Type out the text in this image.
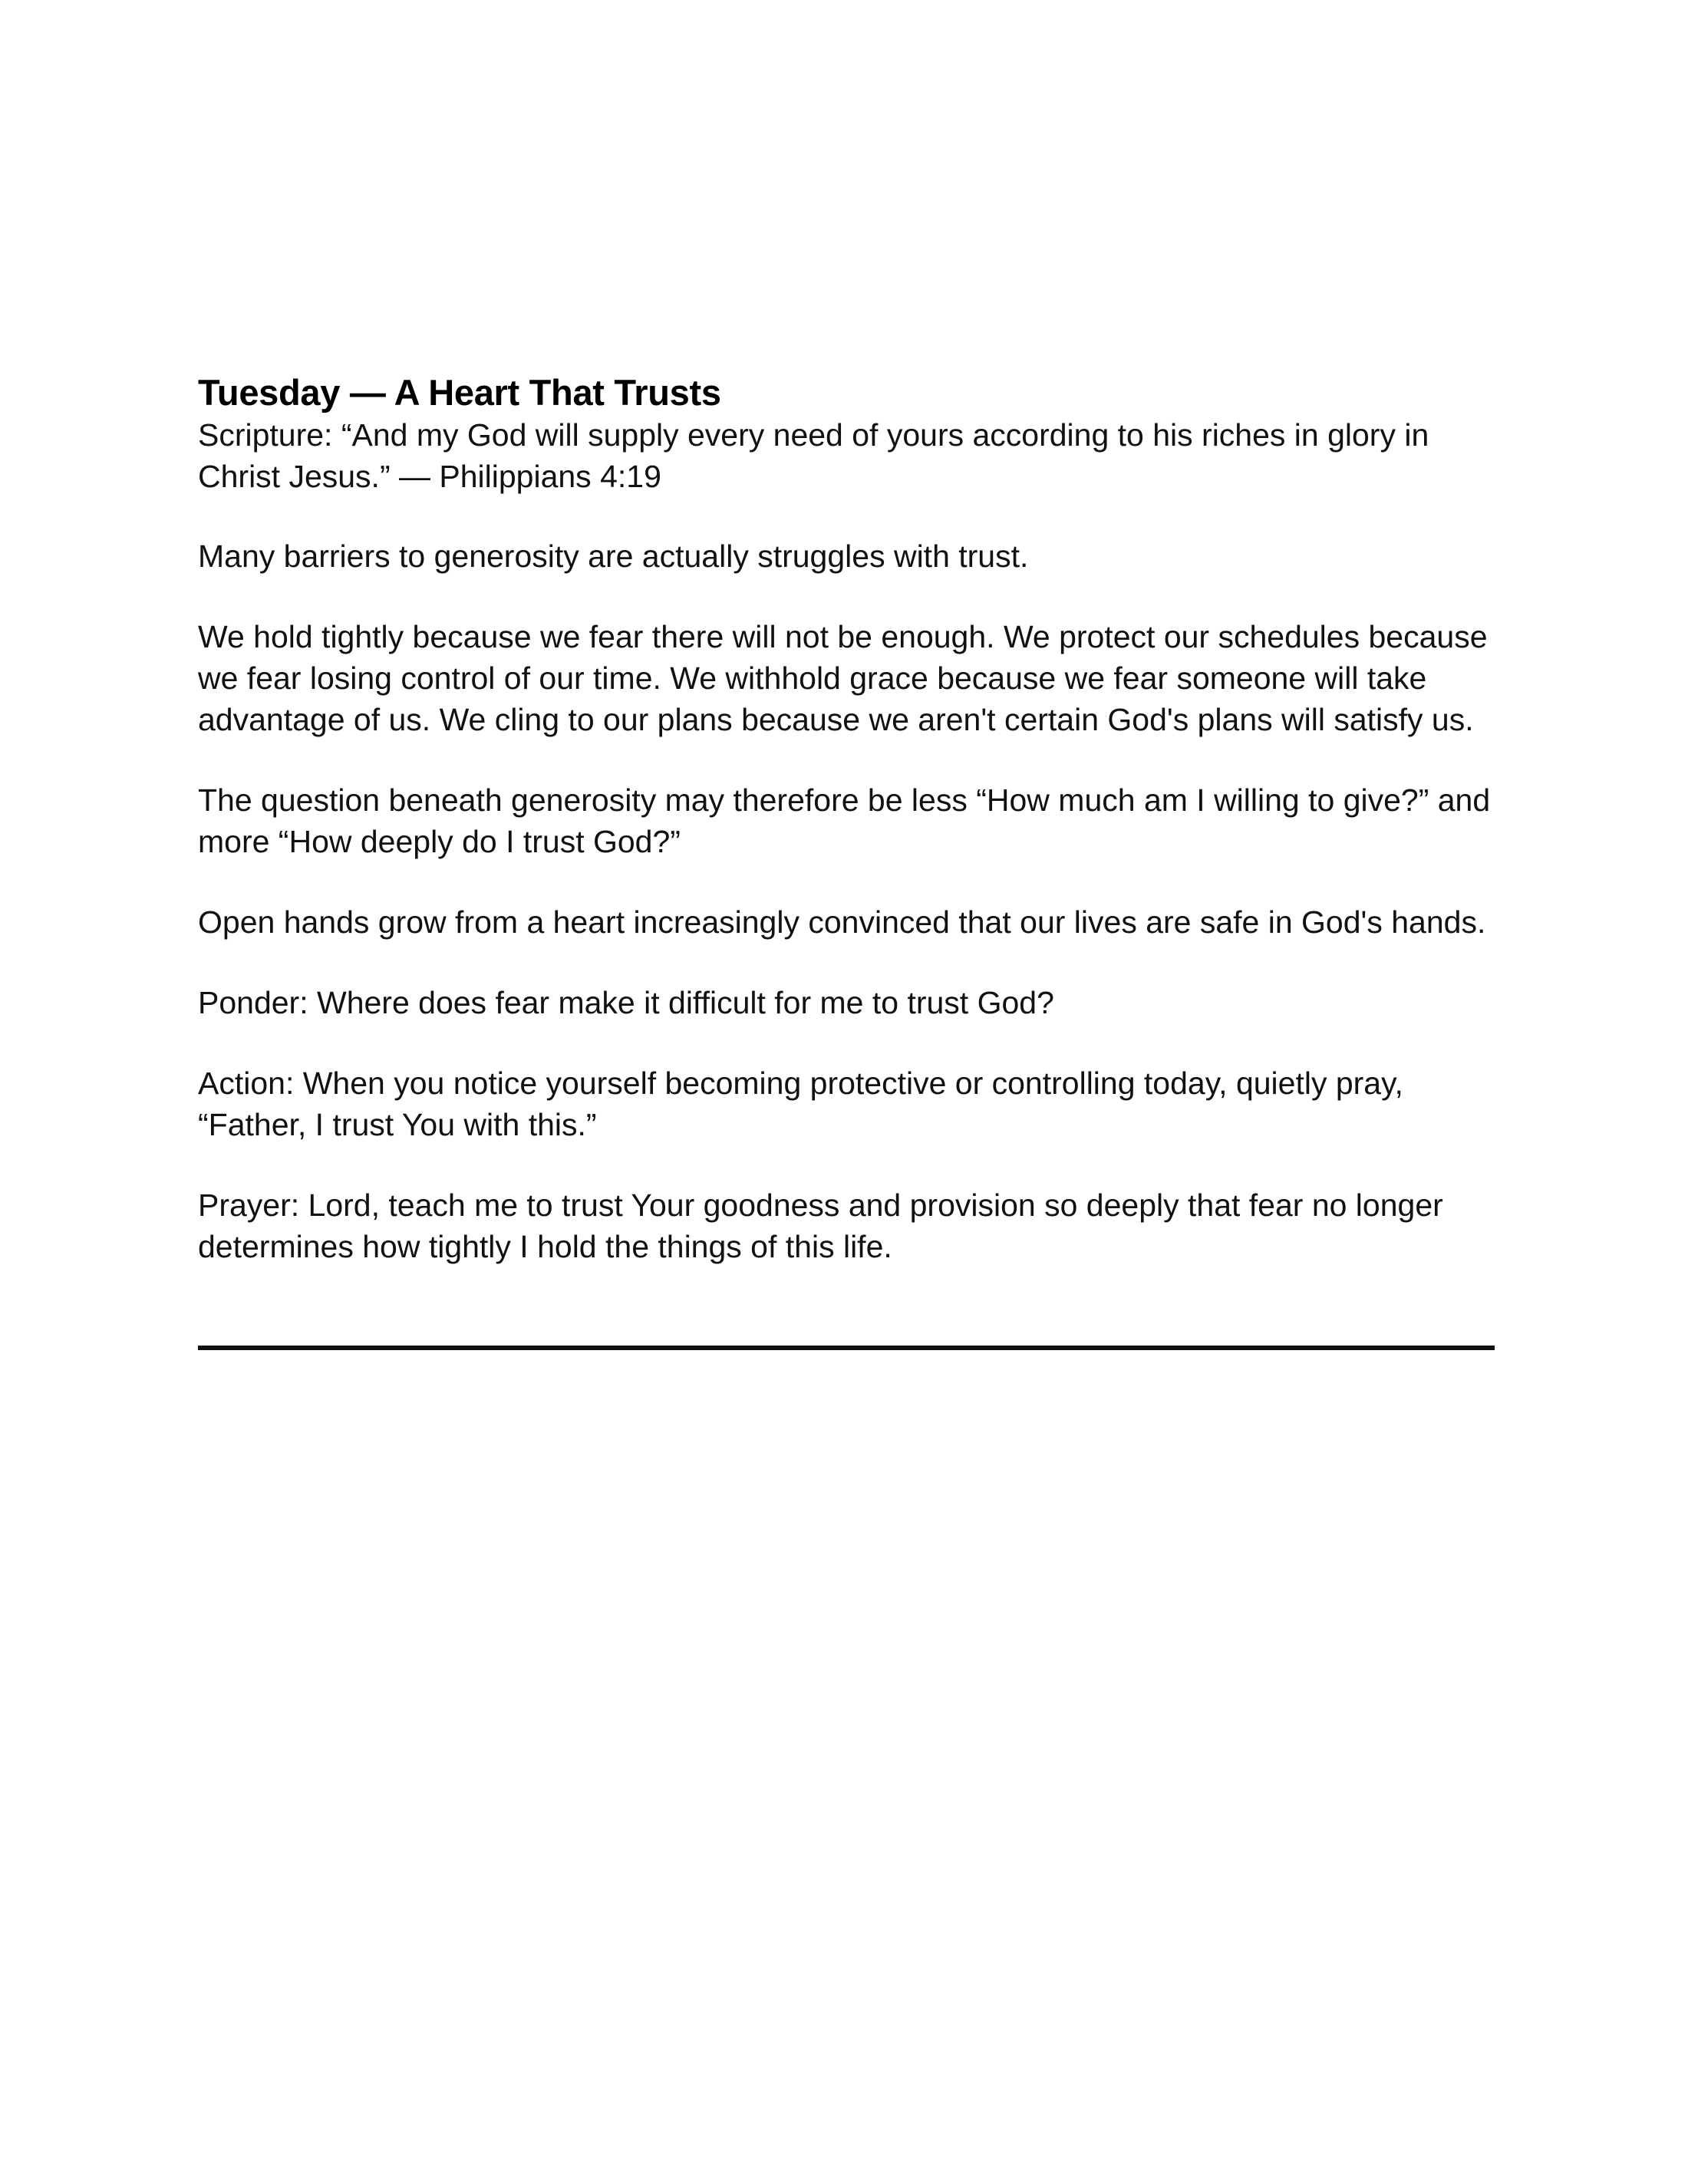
Tuesday — A Heart That Trusts

Scripture: “And my God will supply every need of yours according to his riches in glory in Christ Jesus.” — Philippians 4:19

Many barriers to generosity are actually struggles with trust.

We hold tightly because we fear there will not be enough. We protect our schedules because we fear losing control of our time. We withhold grace because we fear someone will take advantage of us. We cling to our plans because we aren't certain God's plans will satisfy us.

The question beneath generosity may therefore be less “How much am I willing to give?” and more “How deeply do I trust God?”

Open hands grow from a heart increasingly convinced that our lives are safe in God's hands.

Ponder: Where does fear make it difficult for me to trust God?

Action: When you notice yourself becoming protective or controlling today, quietly pray, “Father, I trust You with this.”

Prayer: Lord, teach me to trust Your goodness and provision so deeply that fear no longer determines how tightly I hold the things of this life.
